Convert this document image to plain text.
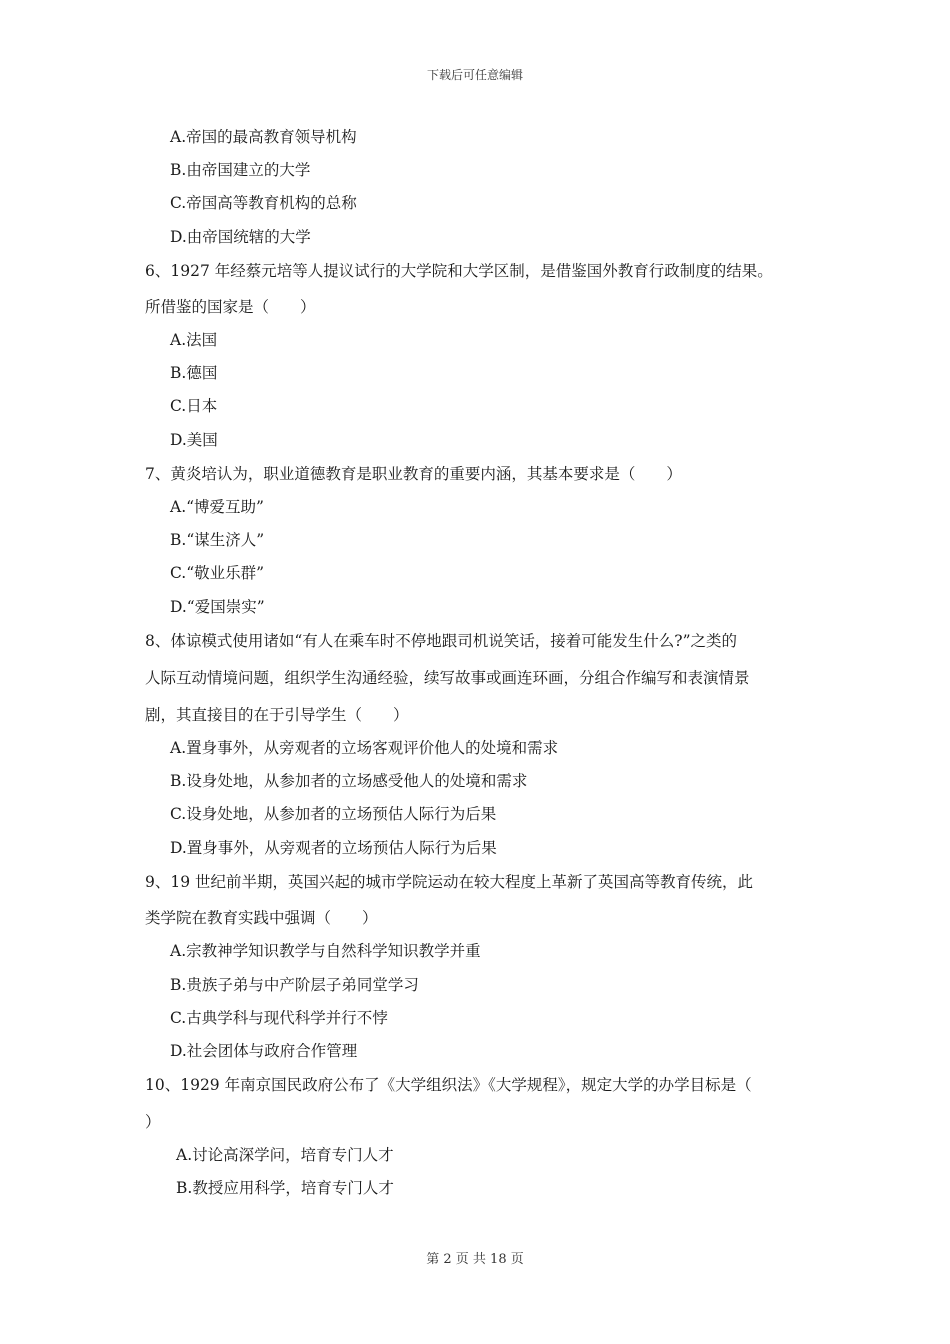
下载后可任意编辑
A.帝国的最高教育领导机构
B.由帝国建立的大学
C.帝国高等教育机构的总称
D.由帝国统辖的大学
6、1927 年经蔡元培等人提议试行的大学院和大学区制，是借鉴国外教育行政制度的结果。
所借鉴的国家是（　　）
A.法国
B.德国
C.日本
D.美国
7、黄炎培认为，职业道德教育是职业教育的重要内涵，其基本要求是（　　）
A.“博爱互助”
B.“谋生济人”
C.“敬业乐群”
D.“爱国崇实”
8、体谅模式使用诸如“有人在乘车时不停地跟司机说笑话，接着可能发生什么?”之类的
人际互动情境问题，组织学生沟通经验，续写故事或画连环画，分组合作编写和表演情景
剧，其直接目的在于引导学生（　　）
A.置身事外，从旁观者的立场客观评价他人的处境和需求
B.设身处地，从参加者的立场感受他人的处境和需求
C.设身处地，从参加者的立场预估人际行为后果
D.置身事外，从旁观者的立场预估人际行为后果
9、19 世纪前半期，英国兴起的城市学院运动在较大程度上革新了英国高等教育传统，此
类学院在教育实践中强调（　　）
A.宗教神学知识教学与自然科学知识教学并重
B.贵族子弟与中产阶层子弟同堂学习
C.古典学科与现代科学并行不悖
D.社会团体与政府合作管理
10、1929 年南京国民政府公布了《大学组织法》《大学规程》，规定大学的办学目标是（
）
A.讨论高深学问，培育专门人才
B.教授应用科学，培育专门人才
第 2 页 共 18 页
